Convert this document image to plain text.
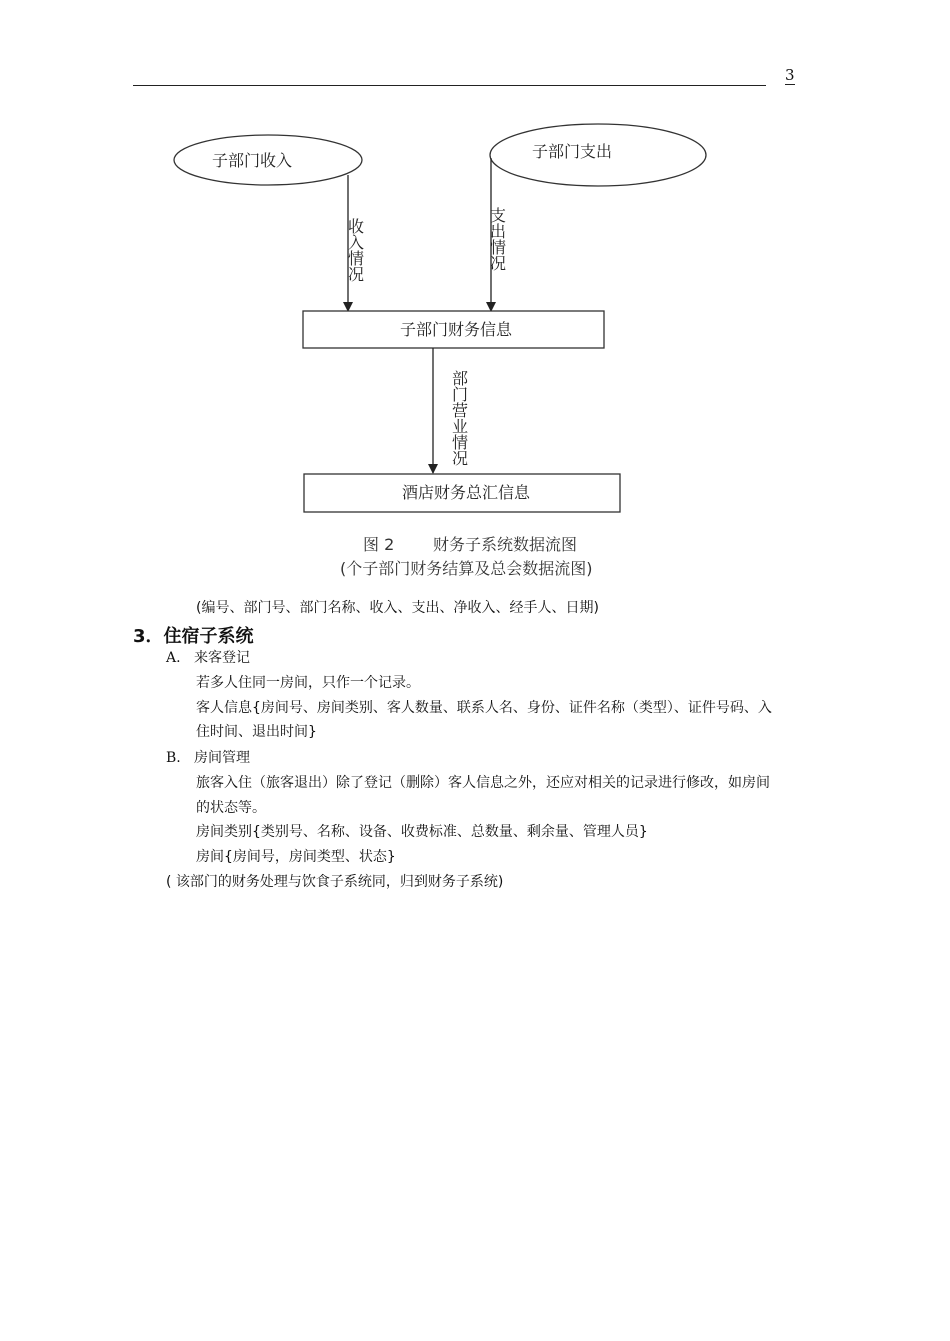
3
子部门收入	子部门支出
收入情况	支出情况
子部门财务信息
部门营业情况
酒店财务总汇信息
图 2 财务子系统数据流图
(个子部门财务结算及总会数据流图)
(编号、部门号、部门名称、收入、支出、净收入、经手人、日期)
3．住宿子系统
A. 来客登记
若多人住同一房间，只作一个记录。
客人信息{房间号、房间类别、客人数量、联系人名、身份、证件名称（类型）、证件号码、入
住时间、退出时间}
B. 房间管理
旅客入住（旅客退出）除了登记（删除）客人信息之外，还应对相关的记录进行修改，如房间
的状态等。
房间类别{类别号、名称、设备、收费标准、总数量、剩余量、管理人员}
房间{房间号，房间类型、状态}
( 该部门的财务处理与饮食子系统同，归到财务子系统)
